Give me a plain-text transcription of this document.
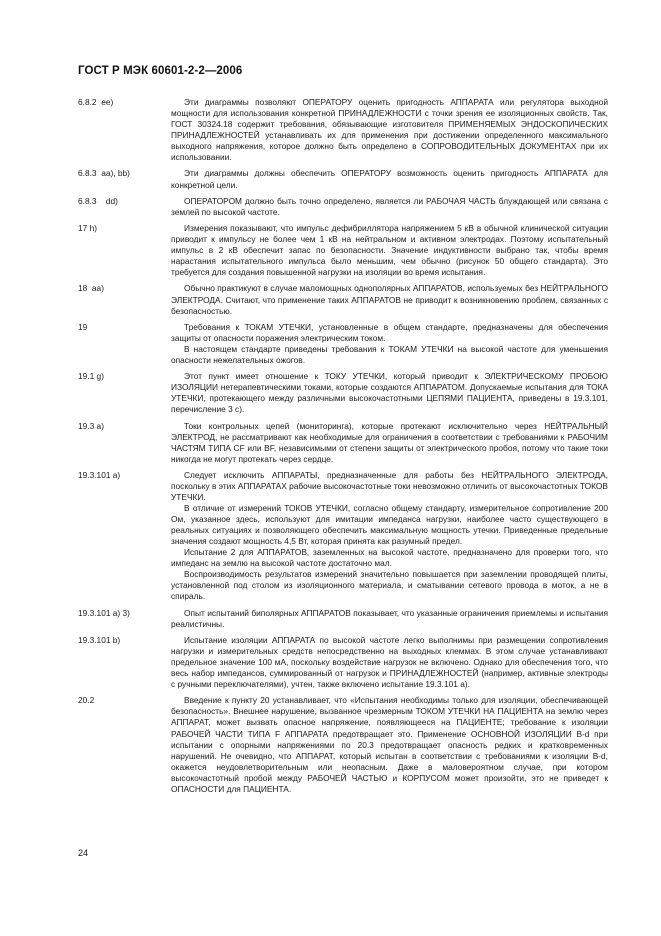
ГОСТ Р МЭК 60601-2-2—2006
6.8.2  ee)	Эти диаграммы позволяют ОПЕРАТОРУ оценить пригодность АППАРАТА или регулятора выходной мощности для использования конкретной ПРИНАДЛЕЖНОСТИ с точки зрения ее изоляционных свойств. Так, ГОСТ 30324.18 содержит требования, обязывающие изготовителя ПРИМЕНЯЕМЫХ ЭНДОСКОПИЧЕСКИХ ПРИНАДЛЕЖНОСТЕЙ устанавливать их для применения при достижении определенного максимального выходного напряжения, которое должно быть определено в СОПРОВОДИТЕЛЬНЫХ ДОКУМЕНТАХ при их использовании.

6.8.3  aa), bb)	Эти диаграммы должны обеспечить ОПЕРАТОРУ возможность оценить пригодность АППАРАТА для конкретной цели.

6.8.3    dd)	ОПЕРАТОРОМ должно быть точно определено, является ли РАБОЧАЯ ЧАСТЬ блуждающей или связана с землей по высокой частоте.

17 h)	Измерения показывают, что импульс дефибриллятора напряжением 5 кВ в обычной клинической ситуации приводит к импульсу не более чем 1 кВ на нейтральном и активном электродах. Поэтому испытательный импульс в 2 кВ обеспечит запас по безопасности. Значение индуктивности выбрано так, чтобы время нарастания испытательного импульса было меньшим, чем обычно (рисунок 50 общего стандарта). Это требуется для создания повышенной нагрузки на изоляции во время испытания.

18  аа)	Обычно практикуют в случае маломощных однополярных АППАРАТОВ, используемых без НЕЙТРАЛЬНОГО ЭЛЕКТРОДА. Считают, что применение таких АППАРАТОВ не приводит к возникновению проблем, связанных с безопасностью.

19	Требования к ТОКАМ УТЕЧКИ, установленные в общем стандарте, предназначены для обеспечения защиты от опасности поражения электрическим током.

В настоящем стандарте приведены требования к ТОКАМ УТЕЧКИ на высокой частоте для уменьшения опасности нежелательных ожогов.

19.1 g)	Этот пункт имеет отношение к ТОКУ УТЕЧКИ, который приводит к ЭЛЕКТРИЧЕСКОМУ ПРОБОЮ ИЗОЛЯЦИИ нетерапевтическими токами, которые создаются АППАРАТОМ. Допускаемые испытания для ТОКА УТЕЧКИ, протекающего между различными высокочастотными ЦЕПЯМИ ПАЦИЕНТА, приведены в 19.3.101, перечисление 3 с).

19.3 а)	Токи контрольных цепей (мониторинга), которые протекают исключительно через НЕЙТРАЛЬНЫЙ ЭЛЕКТРОД, не рассматривают как необходимые для ограничения в соответствии с требованиями к РАБОЧИМ ЧАСТЯМ ТИПА CF или BF, независимыми от степени защиты от электрического пробоя, потому что такие токи никогда не могут протекать через сердце.

19.3.101 а)	Следует исключить АППАРАТЫ, предназначенные для работы без НЕЙТРАЛЬНОГО ЭЛЕКТРОДА, поскольку в этих АППАРАТАХ рабочие высокочастотные токи невозможно отличить от высокочастотных ТОКОВ УТЕЧКИ.

В отличие от измерений ТОКОВ УТЕЧКИ, согласно общему стандарту, измерительное сопротивление 200 Ом, указанное здесь, используют для имитации импеданса нагрузки, наиболее часто существующего в реальных ситуациях и позволяющего обеспечить максимальную мощность утечки. Приведенные предельные значения создают мощность 4,5 Вт, которая принята как разумный предел.

Испытание 2 для АППАРАТОВ, заземленных на высокой частоте, предназначено для проверки того, что импеданс на землю на высокой частоте достаточно мал.

Воспроизводимость результатов измерений значительно повышается при заземлении проводящей плиты, установленной под столом из изоляционного материала, и сматывании сетевого провода в моток, а не в спираль.

19.3.101 а) 3)	Опыт испытаний биполярных АППАРАТОВ показывает, что указанные ограничения приемлемы и испытания реалистичны.

19.3.101 b)	Испытание изоляции АППАРАТА по высокой частоте легко выполнимы при размещении сопротивления нагрузки и измерительных средств непосредственно на выходных клеммах. В этом случае устанавливают предельное значение 100 мА, поскольку воздействие нагрузок не включено. Однако для обеспечения того, что весь набор импедансов, суммированный от нагрузок и ПРИНАДЛЕЖНОСТЕЙ (например, активные электроды с ручными переключателями), учтен, также включено испытание 19.3.101 а).

20.2	Введение к пункту 20 устанавливает, что «Испытания необходимы только для изоляции, обеспечивающей безопасность». Внешнее нарушение, вызванное чрезмерным ТОКОМ УТЕЧКИ НА ПАЦИЕНТА на землю через АППАРАТ, может вызвать опасное напряжение, появляющееся на ПАЦИЕНТЕ; требование к изоляции РАБОЧЕЙ ЧАСТИ ТИПА F АППАРАТА предотвращает это. Применение ОСНОВНОЙ ИЗОЛЯЦИИ B-d при испытании с опорными напряжениями по 20.3 предотвращает опасность редких и кратковременных нарушений. Не очевидно, что АППАРАТ, который испытан в соответствии с требованиями к изоляции B-d, окажется неудовлетворительным или неопасным. Даже в маловероятном случае, при котором высокочастотный пробой между РАБОЧЕЙ ЧАСТЬЮ и КОРПУСОМ может произойти, это не приведет к ОПАСНОСТИ для ПАЦИЕНТА.

24
